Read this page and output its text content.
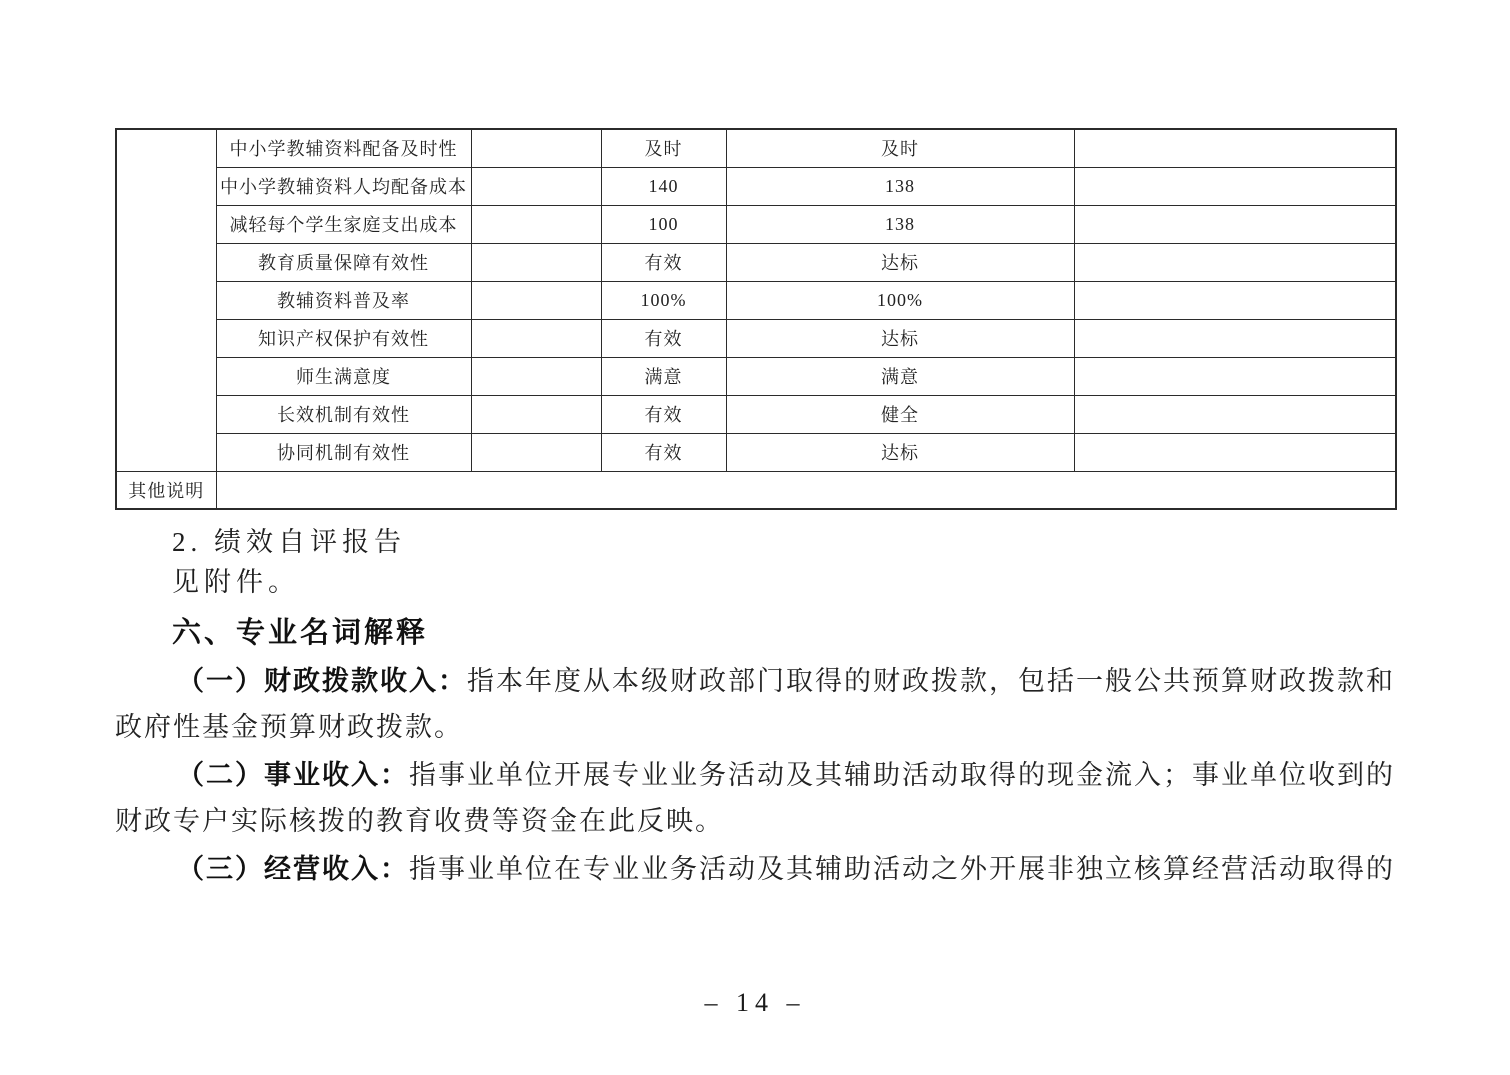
	中小学教辅资料配备及时性		及时	及时	
	中小学教辅资料人均配备成本		140	138	
	减轻每个学生家庭支出成本		100	138	
	教育质量保障有效性		有效	达标	
	教辅资料普及率		100%	100%	
	知识产权保护有效性		有效	达标	
	师生满意度		满意	满意	
	长效机制有效性		有效	健全	
	协同机制有效性		有效	达标	
其他说明					

2. 绩效自评报告

见附件。

六、专业名词解释

（一）财政拨款收入：指本年度从本级财政部门取得的财政拨款，包括一般公共预算财政拨款和政府性基金预算财政拨款。

（二）事业收入：指事业单位开展专业业务活动及其辅助活动取得的现金流入；事业单位收到的财政专户实际核拨的教育收费等资金在此反映。

（三）经营收入：指事业单位在专业业务活动及其辅助活动之外开展非独立核算经营活动取得的

– 14 –
